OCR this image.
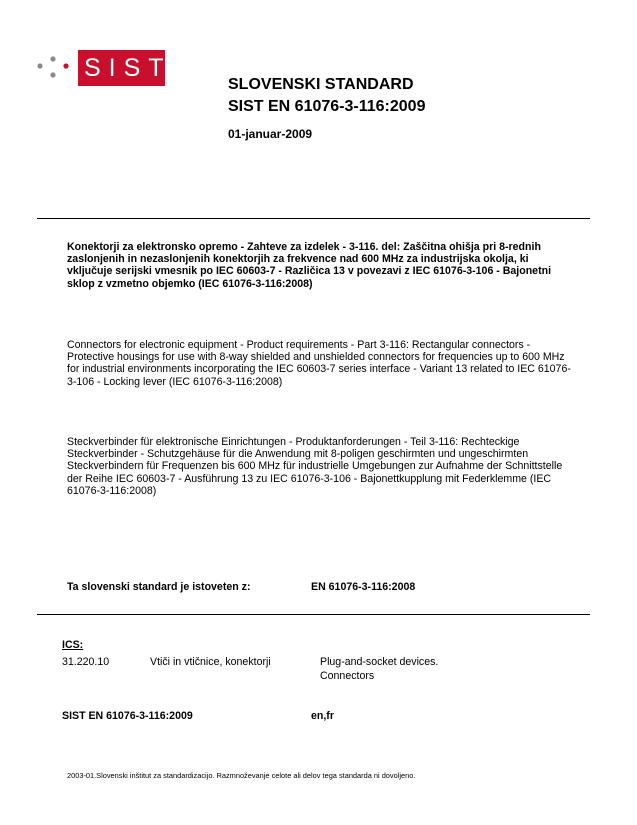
SIST
SLOVENSKI STANDARD
SIST EN 61076-3-116:2009
01-januar-2009
Konektorji za elektronsko opremo - Zahteve za izdelek - 3-116. del: Zaščitna ohišja pri 8-rednih zaslonjenih in nezaslonjenih konektorjih za frekvence nad 600 MHz za industrijska okolja, ki vključuje serijski vmesnik po IEC 60603-7 - Različica 13 v povezavi z IEC 61076-3-106 - Bajonetni sklop z vzmetno objemko (IEC 61076-3-116:2008)
Connectors for electronic equipment - Product requirements - Part 3-116: Rectangular connectors - Protective housings for use with 8-way shielded and unshielded connectors for frequencies up to 600 MHz for industrial environments incorporating the IEC 60603-7 series interface - Variant 13 related to IEC 61076-3-106 - Locking lever (IEC 61076-3-116:2008)
Steckverbinder für elektronische Einrichtungen - Produktanforderungen - Teil 3-116: Rechteckige Steckverbinder - Schutzgehäuse für die Anwendung mit 8-poligen geschirmten und ungeschirmten Steckverbindern für Frequenzen bis 600 MHz für industrielle Umgebungen zur Aufnahme der Schnittstelle der Reihe IEC 60603-7 - Ausführung 13 zu IEC 61076-3-106 - Bajonettkupplung mit Federklemme (IEC 61076-3-116:2008)
Ta slovenski standard je istoveten z:	EN 61076-3-116:2008
ICS:
31.220.10	Vtiči in vtičnice, konektorji	Plug-and-socket devices.
Connectors
SIST EN 61076-3-116:2009	en,fr
2003-01.Slovenski inštitut za standardizacijo. Razmnoževanje celote ali delov tega standarda ni dovoljeno.
